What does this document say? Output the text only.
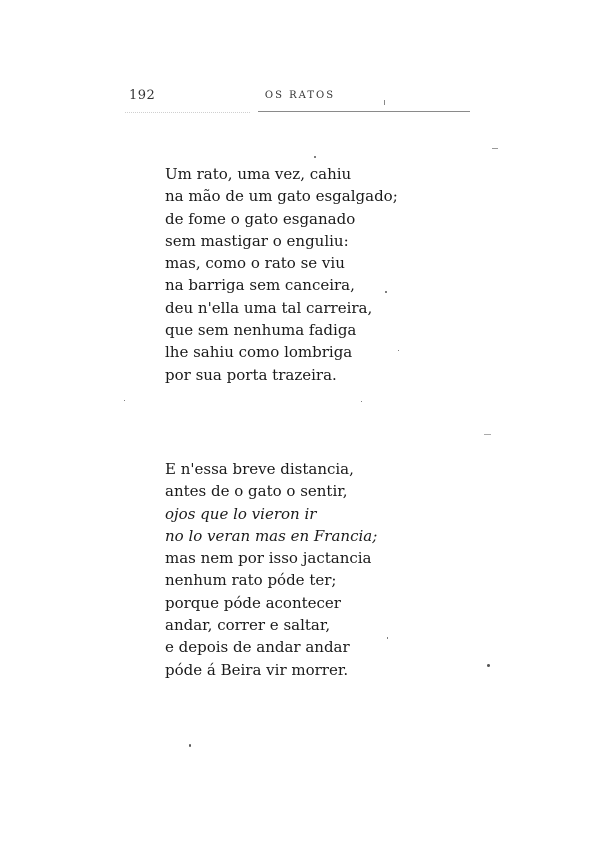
192	OS RATOS
Um rato, uma vez, cahiu
na mão de um gato esgalgado;
de fome o gato esganado
sem mastigar o enguliu:
mas, como o rato se viu
na barriga sem canceira,
deu n'ella uma tal carreira,
que sem nenhuma fadiga
lhe sahiu como lombriga
por sua porta trazeira.
E n'essa breve distancia,
antes de o gato o sentir,
ojos que lo vieron ir
no lo veran mas en Francia;
mas nem por isso jactancia
nenhum rato póde ter;
porque póde acontecer
andar, correr e saltar,
e depois de andar andar
póde á Beira vir morrer.
